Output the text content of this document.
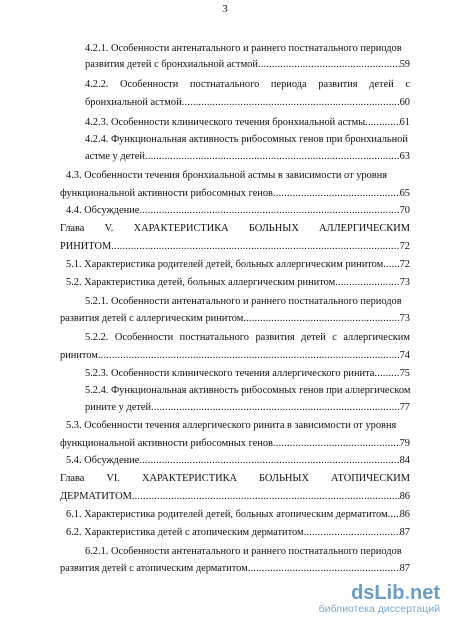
3
4.2.1. Особенности антенатального и раннего постнатального периодов
развития детей с бронхиальной астмой .....	59
4.2.2. Особенности постнатального периода развития детей с
бронхиальной астмой .....	60
4.2.3. Особенности клинического течения бронхиальной астмы .....	61
4.2.4. Функциональная активность рибосомных генов при бронхиальной
астме у детей .....	63
4.3. Особенности течения бронхиальной астмы в зависимости от уровня
функциональной активности рибосомных генов .....	65
4.4. Обсуждение .....	70
Глава V. ХАРАКТЕРИСТИКА БОЛЬНЫХ АЛЛЕРГИЧЕСКИМ
РИНИТОМ .....	72
5.1. Характеристика родителей детей, больных аллергическим ринитом ..... 72
5.2. Характеристика детей, больных аллергическим ринитом .....	73
5.2.1. Особенности антенатального и раннего постнатального периодов
развития детей с аллергическим ринитом .....	73
5.2.2. Особенности постнатального развития детей с аллергическим
ринитом .....	74
5.2.3. Особенности клинического течения аллергического ринита ..... 75
5.2.4. Функциональная активность рибосомных генов при аллергическом
рините у детей .....	77
5.3. Особенности течения аллергического ринита в зависимости от уровня
функциональной активности рибосомных генов .....	79
5.4. Обсуждение .....	84
Глава VI. ХАРАКТЕРИСТИКА БОЛЬНЫХ АТОПИЧЕСКИМ
ДЕРМАТИТОМ .....	86
6.1. Характеристика родителей детей, больных атопическим дерматитом ..... 86
6.2. Характеристика детей с атопическим дерматитом .....	87
6.2.1. Особенности антенатального и раннего постнатального периодов
развития детей с атопическим дерматитом .....	87
dsLib.net
библиотека диссертаций
